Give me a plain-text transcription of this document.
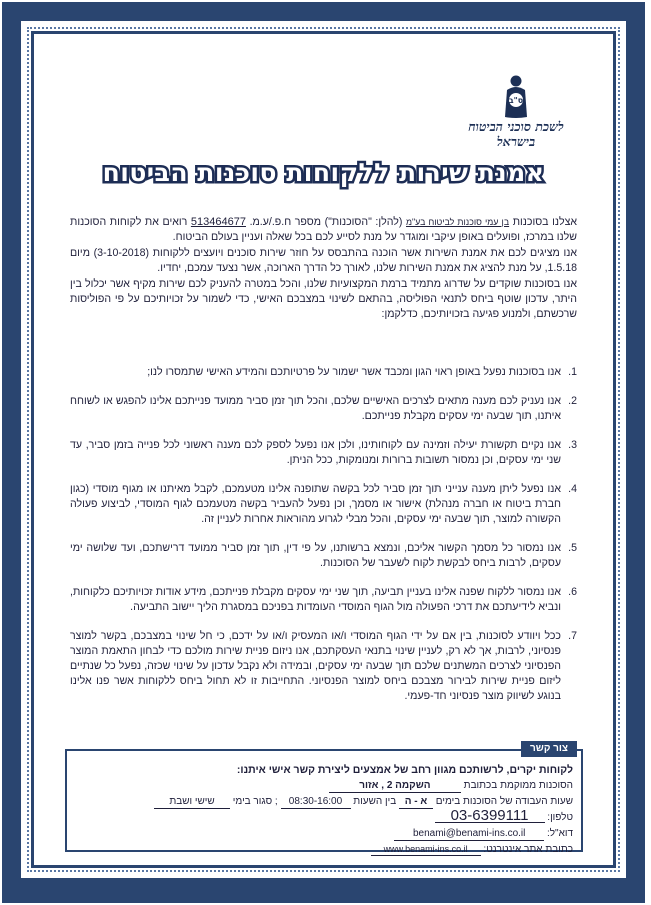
ס"ב
לשכת סוכני הביטוח
בישראל
אמנת שירות ללקוחות סוכנות הביטוח

אצלנו בסוכנות בן עמי סוכנות לביטוח בע"מ (להלן: "הסוכנות") מספר ח.פ./ע.מ. 513464677 רואים את לקוחות הסוכנות שלנו במרכז, ופועלים באופן עיקבי ומוגדר על מנת לסייע לכם בכל שאלה ועניין בעולם הביטוח.

אנו מציגים לכם את אמנת השירות אשר הוכנה בהתבסס על חוזר שירות סוכנים ויועצים ללקוחות (3-10-2018) מיום 1.5.18, על מנת להציג את אמנת השירות שלנו, לאורך כל הדרך הארוכה, אשר נצעד עמכם, יחדיו.

אנו בסוכנות שוקדים על שדרוג מתמיד ברמת המקצועיות שלנו, והכל במטרה להעניק לכם שירות מקיף אשר יכלול בין היתר, עדכון שוטף ביחס לתנאי הפוליסה, בהתאם לשינוי במצבכם האישי, כדי לשמור על זכויותיכם על פי הפוליסות שרכשתם, ולמנוע פגיעה בזכויותיכם, כדלקמן:

1.
אנו בסוכנות נפעל באופן ראוי הגון ומכבד אשר ישמור על פרטיותכם והמידע האישי שתמסרו לנו;
2.
אנו נעניק לכם מענה מתאים לצרכים האישיים שלכם, והכל תוך זמן סביר ממועד פנייתכם אלינו להפגש או לשוחח איתנו, תוך שבעה ימי עסקים מקבלת פנייתכם.
3.
אנו נקיים תקשורת יעילה וזמינה עם לקוחותינו, ולכן אנו נפעל לספק לכם מענה ראשוני לכל פנייה בזמן סביר, עד שני ימי עסקים, וכן נמסור תשובות ברורות ומנומקות, ככל הניתן.
4.
אנו נפעל ליתן מענה ענייני תוך זמן סביר לכל בקשה שתופנה אלינו מטעמכם, לקבל מאיתנו או מגוף מוסדי (כגון חברת ביטוח או חברה מנהלת) אישור או מסמך, וכן נפעל להעביר בקשה מטעמכם לגוף המוסדי, לביצוע פעולה הקשורה למוצר, תוך שבעה ימי עסקים, והכל מבלי לגרוע מהוראות אחרות לעניין זה.
5.
אנו נמסור כל מסמך הקשור אליכם, ונמצא ברשותנו, על פי דין, תוך זמן סביר ממועד דרישתכם, ועד שלושה ימי עסקים, לרבות ביחס לבקשת לקוח לשעבר של הסוכנות.
6.
אנו נמסור ללקוח שפנה אלינו בעניין תביעה, תוך שני ימי עסקים מקבלת פנייתכם, מידע אודות זכויותיכם כלקוחות, ונביא לידיעתכם את דרכי הפעולה מול הגוף המוסדי העומדות בפניכם במסגרת הליך יישוב התביעה.
7.
ככל ויוודע לסוכנות, בין אם על ידי הגוף המוסדי ו/או המעסיק ו/או על ידכם, כי חל שינוי במצבכם, בקשר למוצר פנסיוני, לרבות, אך לא רק, לעניין שינוי בתנאי העסקתכם, אנו ניזום פניית שירות מולכם כדי לבחון התאמת המוצר הפנסיוני לצרכים המשתנים שלכם תוך שבעה ימי עסקים, ובמידה ולא נקבל עדכון על שינוי שכזה, נפעל כל שנתיים ליזום פניית שירות לבירור מצבכם ביחס למוצר הפנסיוני. התחייבות זו לא תחול ביחס ללקוחות אשר פנו אלינו בנוגע לשיווק מוצר פנסיוני חד-פעמי.
צור קשר
לקוחות יקרים, לרשותכם מגוון רחב של אמצעים ליצירת קשר אישי איתנו:
הסוכנות ממוקמת בכתובת השקמה 2 , אזור
שעות העבודה של הסוכנות בימים א - ה בין השעות 08:30-16:00 ; סגור בימי שישי ושבת
טלפון: 03-6399111
דוא"ל: benami@benami-ins.co.il
כתובת אתר אינטרנט: www.benami-ins.co.il
